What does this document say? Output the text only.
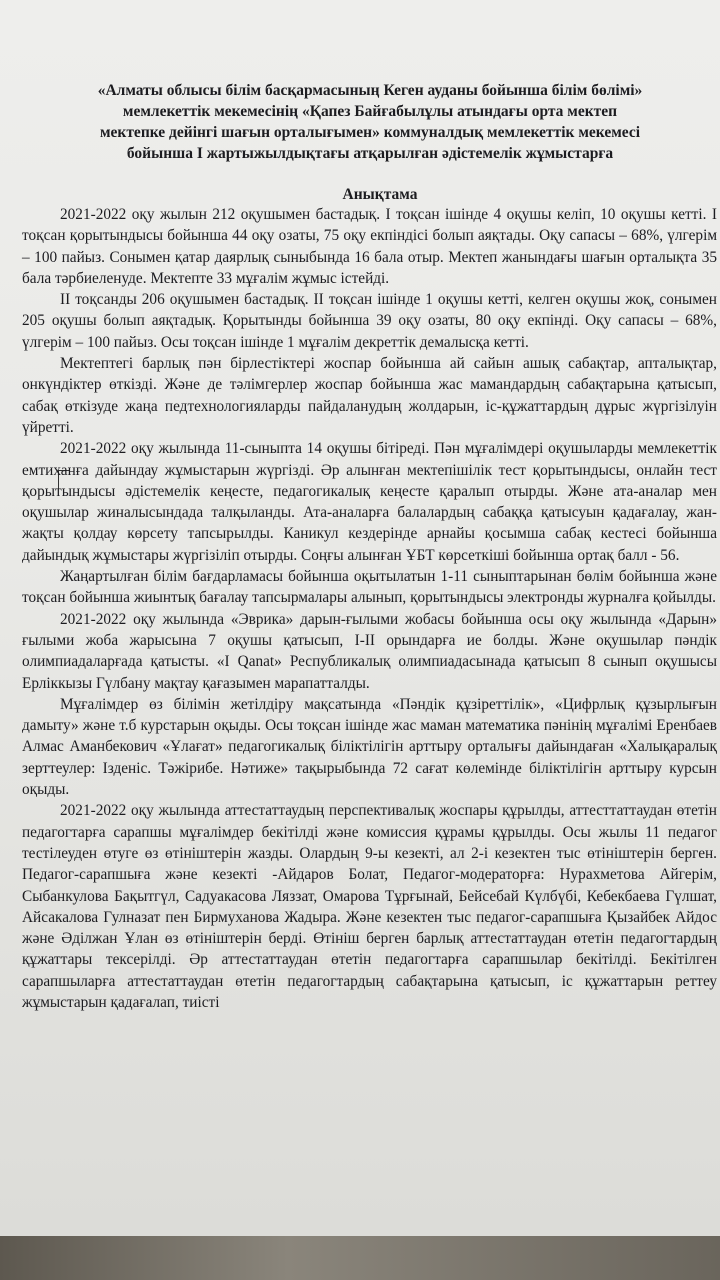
«Алматы облысы білім басқармасының Кеген ауданы бойынша білім бөлімі»
мемлекеттік мекемесінің «Қапез Байғабылұлы атындағы орта мектеп
мектепке дейінгі шағын орталығымен» коммуналдық мемлекеттік мекемесі
бойынша І жартыжылдықтағы атқарылған әдістемелік жұмыстарға
Анықтама

2021-2022 оқу жылын 212 оқушымен бастадық. І тоқсан ішінде 4 оқушы келіп, 10 оқушы кетті. І тоқсан қорытындысы бойынша 44 оқу озаты, 75 оқу екпіндісі болып аяқтады. Оқу сапасы – 68%, үлгерім – 100 пайыз. Сонымен қатар даярлық сыныбында 16 бала отыр. Мектеп жанындағы шағын орталықта 35 бала тәрбиеленуде. Мектепте 33 мұғалім жұмыс істейді.

ІІ тоқсанды 206 оқушымен бастадық. ІІ тоқсан ішінде 1 оқушы кетті, келген оқушы жоқ, сонымен 205 оқушы болып аяқтадық. Қорытынды бойынша 39 оқу озаты, 80 оқу екпінді. Оқу сапасы – 68%, үлгерім – 100 пайыз. Осы тоқсан ішінде 1 мұғалім декреттік демалысқа кетті.

Мектептегі барлық пән бірлестіктері жоспар бойынша ай сайын ашық сабақтар, апталықтар, онкүндіктер өткізді. Және де тәлімгерлер жоспар бойынша жас мамандардың сабақтарына қатысып, сабақ өткізуде жаңа педтехнологияларды пайдаланудың жолдарын, іс-құжаттардың дұрыс жүргізілуін үйретті.

2021-2022 оқу жылында 11-сыныпта 14 оқушы бітіреді. Пән мұғалімдері оқушыларды мемлекеттік емтиханға дайындау жұмыстарын жүргізді. Әр алынған мектепішілік тест қорытындысы, онлайн тест қорытындысы әдістемелік кеңесте, педагогикалық кеңесте қаралып отырды. Және ата-аналар мен оқушылар жиналысындада талқыланды. Ата-аналарға балалардың сабаққа қатысуын қадағалау, жан-жақты қолдау көрсету тапсырылды. Каникул кездерінде арнайы қосымша сабақ кестесі бойынша дайындық жұмыстары жүргізіліп отырды. Соңғы алынған ҰБТ көрсеткіші бойынша ортақ балл - 56.

Жаңартылған білім бағдарламасы бойынша оқытылатын 1-11 сыныптарынан бөлім бойынша және тоқсан бойынша жиынтық бағалау тапсырмалары алынып, қорытындысы электронды журналға қойылды.

2021-2022 оқу жылында «Эврика» дарын-ғылыми жобасы бойынша осы оқу жылында «Дарын» ғылыми жоба жарысына 7 оқушы қатысып, І-ІІ орындарға ие болды. Және оқушылар пәндік олимпиадаларғада қатысты. «І Qanat» Республикалық олимпиадасынада қатысып 8 сынып оқушысы Ерліккызы Гүлбану мақтау қағазымен марапатталды.

Мұғалімдер өз білімін жетілдіру мақсатында «Пәндік құзіреттілік», «Цифрлық құзырлығын дамыту» және т.б курстарын оқыды. Осы тоқсан ішінде жас маман математика пәнінің мұғалімі Еренбаев Алмас Аманбекович «Ұлағат» педагогикалық біліктілігін арттыру орталығы дайындаған «Халықаралық зерттеулер: Ізденіс. Тәжірибе. Нәтиже» тақырыбында 72 сағат көлемінде біліктілігін арттыру курсын оқыды.

2021-2022 оқу жылында аттестаттаудың перспективалық жоспары құрылды, аттесттаттаудан өтетін педагогтарға сарапшы мұғалімдер бекітілді және комиссия құрамы құрылды. Осы жылы 11 педагог тестілеуден өтуге өз өтініштерін жазды. Олардың 9-ы кезекті, ал 2-і кезектен тыс өтініштерін берген. Педагог-сарапшыға және кезекті -Айдаров Болат, Педагог-модераторға: Нурахметова Айгерім, Сыбанкулова Бақытгүл, Садуакасова Ляззат, Омарова Тұрғынай, Бейсебай Күлбүбі, Кебекбаева Гүлшат, Айсакалова Гулназат пен Бирмуханова Жадыра. Және кезектен тыс педагог-сарапшыға Қызайбек Айдос және Әділжан Ұлан өз өтініштерін берді. Өтініш берген барлық аттестаттаудан өтетін педагогтардың құжаттары тексерілді. Әр аттестаттаудан өтетін педагогтарға сарапшылар бекітілді. Бекітілген сарапшыларға аттестаттаудан өтетін педагогтардың сабақтарына қатысып, іс құжаттарын реттеу жұмыстарын қадағалап, тиісті
